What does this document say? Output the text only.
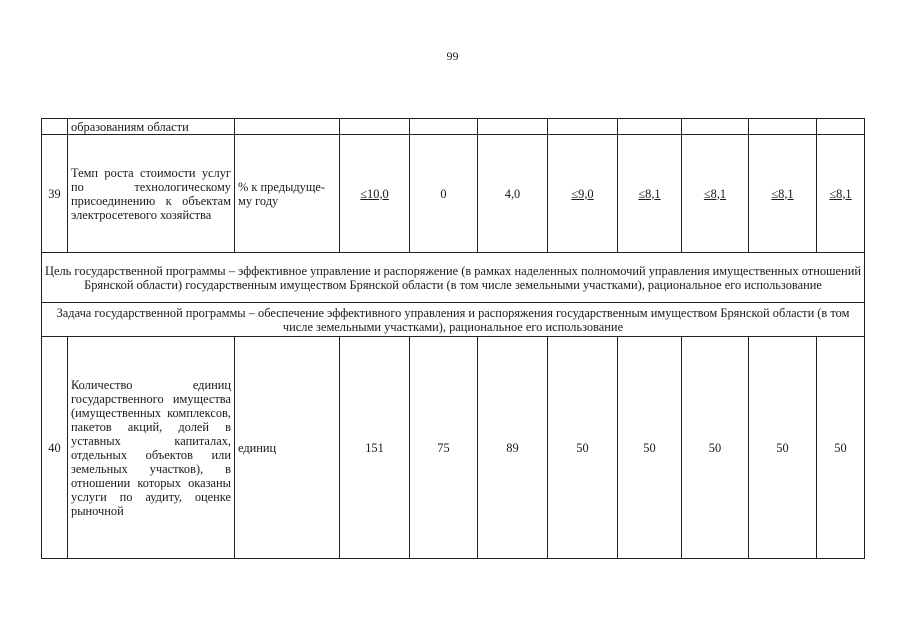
99
	образованиям области									
39	Темп роста стоимости услуг по технологическому присоединению к объектам электросетевого хозяйства	% к предыдуще-му году	≤10,0	0	4,0	≤9,0	≤8,1	≤8,1	≤8,1	≤8,1
Цель государственной программы – эффективное управление и распоряжение (в рамках наделенных полномочий управления имущественных отношений Брянской области) государственным имуществом Брянской области (в том числе земельными участками), рациональное его использование										
Задача государственной программы – обеспечение эффективного управления и распоряжения государственным имуществом Брянской области (в том числе земельными участками), рациональное его использование										
40	Количество единиц государственного имущества (имущественных комплексов, пакетов акций, долей в уставных капиталах, отдельных объектов или земельных участков), в отношении которых оказаны услуги по аудиту, оценке рыночной	единиц	151	75	89	50	50	50	50	50
